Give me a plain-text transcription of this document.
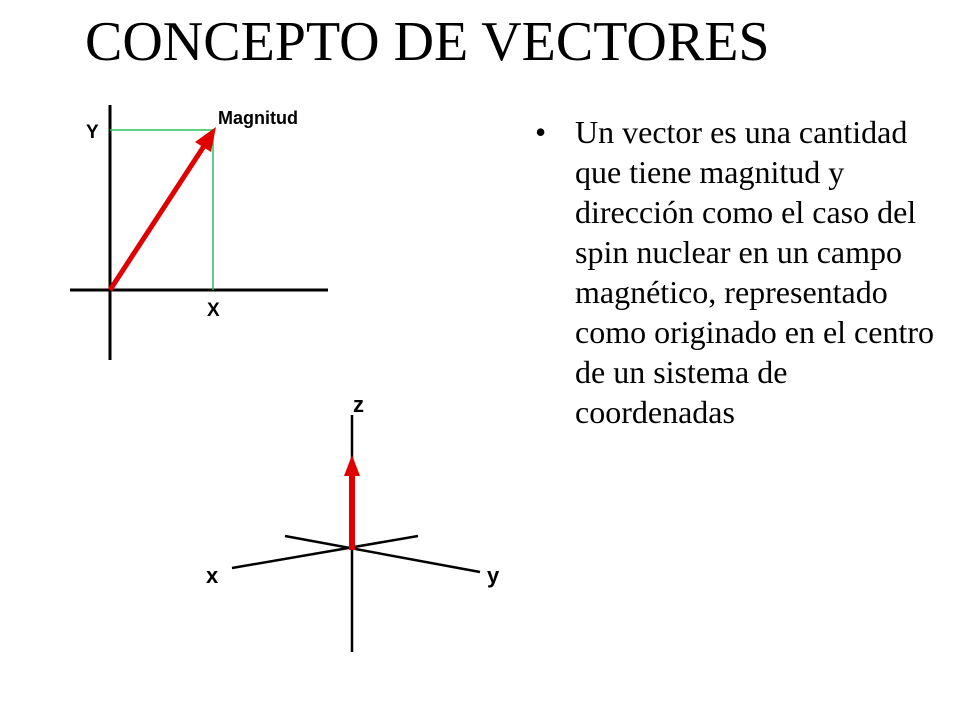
CONCEPTO DE VECTORES
• Un vector es una cantidad que tiene magnitud y dirección como el caso del spin nuclear en un campo magnético, representado como originado en el centro de un sistema de coordenadas
Y
X
Magnitud
z
x	y
